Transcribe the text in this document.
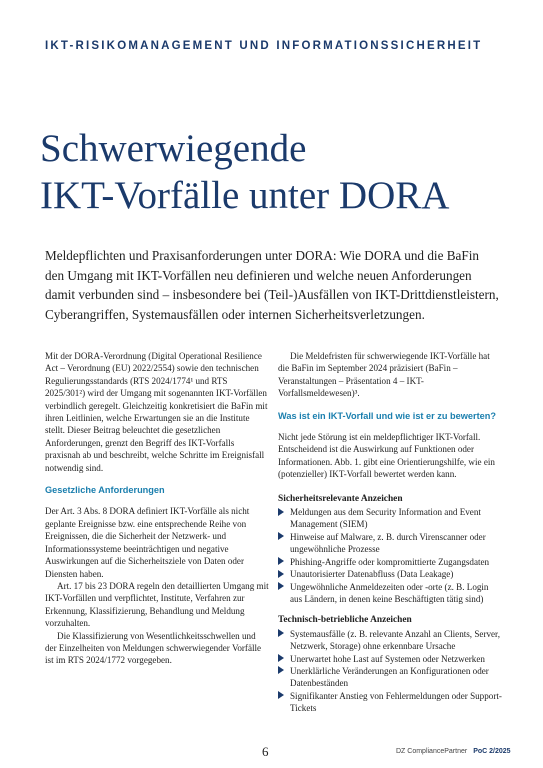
IKT-RISIKOMANAGEMENT UND INFORMATIONSSICHERHEIT
Schwerwiegende
IKT-Vorfälle unter DORA
Meldepflichten und Praxisanforderungen unter DORA: Wie DORA und die BaFin den Umgang mit IKT-Vorfällen neu definieren und welche neuen Anforderungen damit verbunden sind – insbesondere bei (Teil-)Ausfällen von IKT-Drittdienstleistern, Cyberangriffen, Systemausfällen oder internen Sicherheitsverletzungen.

Mit der DORA-Verordnung (Digital Operational Resilience Act – Verordnung (EU) 2022/2554) sowie den technischen Regulierungsstandards (RTS 2024/1774¹ und RTS 2025/301²) wird der Umgang mit sogenannten IKT-Vorfällen verbindlich geregelt. Gleichzeitig konkretisiert die BaFin mit ihren Leitlinien, welche Erwartungen sie an die Institute stellt. Dieser Beitrag beleuchtet die gesetzlichen Anforderungen, grenzt den Begriff des IKT-Vorfalls praxisnah ab und beschreibt, welche Schritte im Ereignisfall notwendig sind.

Gesetzliche Anforderungen

Der Art. 3 Abs. 8 DORA definiert IKT-Vorfälle als nicht geplante Ereignisse bzw. eine entsprechende Reihe von Ereignissen, die die Sicherheit der Netzwerk- und Informationssysteme beeinträchtigen und negative Auswirkungen auf die Sicherheitsziele von Daten oder Diensten haben.

Art. 17 bis 23 DORA regeln den detaillierten Umgang mit IKT-Vorfällen und verpflichtet, Institute, Verfahren zur Erkennung, Klassifizierung, Behandlung und Meldung vorzuhalten.

Die Klassifizierung von Wesentlichkeitsschwellen und der Einzelheiten von Meldungen schwerwiegender Vorfälle ist im RTS 2024/1772 vorgegeben.

Die Meldefristen für schwerwiegende IKT-Vorfälle hat die BaFin im September 2024 präzisiert (BaFin – Veranstaltungen – Präsentation 4 – IKT-Vorfallsmeldewesen)³.

Was ist ein IKT-Vorfall und wie ist er zu bewerten?

Nicht jede Störung ist ein meldepflichtiger IKT-Vorfall. Entscheidend ist die Auswirkung auf Funktionen oder Informationen. Abb. 1. gibt eine Orientierungshilfe, wie ein (potenzieller) IKT-Vorfall bewertet werden kann.

Sicherheitsrelevante Anzeichen
Meldungen aus dem Security Information and Event Management (SIEM)
Hinweise auf Malware, z. B. durch Virenscanner oder ungewöhnliche Prozesse
Phishing-Angriffe oder kompromittierte Zugangsdaten
Unautorisierter Datenabfluss (Data Leakage)
Ungewöhnliche Anmeldezeiten oder -orte (z. B. Login aus Ländern, in denen keine Beschäftigten tätig sind)
Technisch-betriebliche Anzeichen
Systemausfälle (z. B. relevante Anzahl an Clients, Server, Netzwerk, Storage) ohne erkennbare Ursache
Unerwartet hohe Last auf Systemen oder Netzwerken
Unerklärliche Veränderungen an Konfigurationen oder Datenbeständen
Signifikanter Anstieg von Fehlermeldungen oder Support-Tickets
6	DZ CompliancePartner PoC 2/2025
